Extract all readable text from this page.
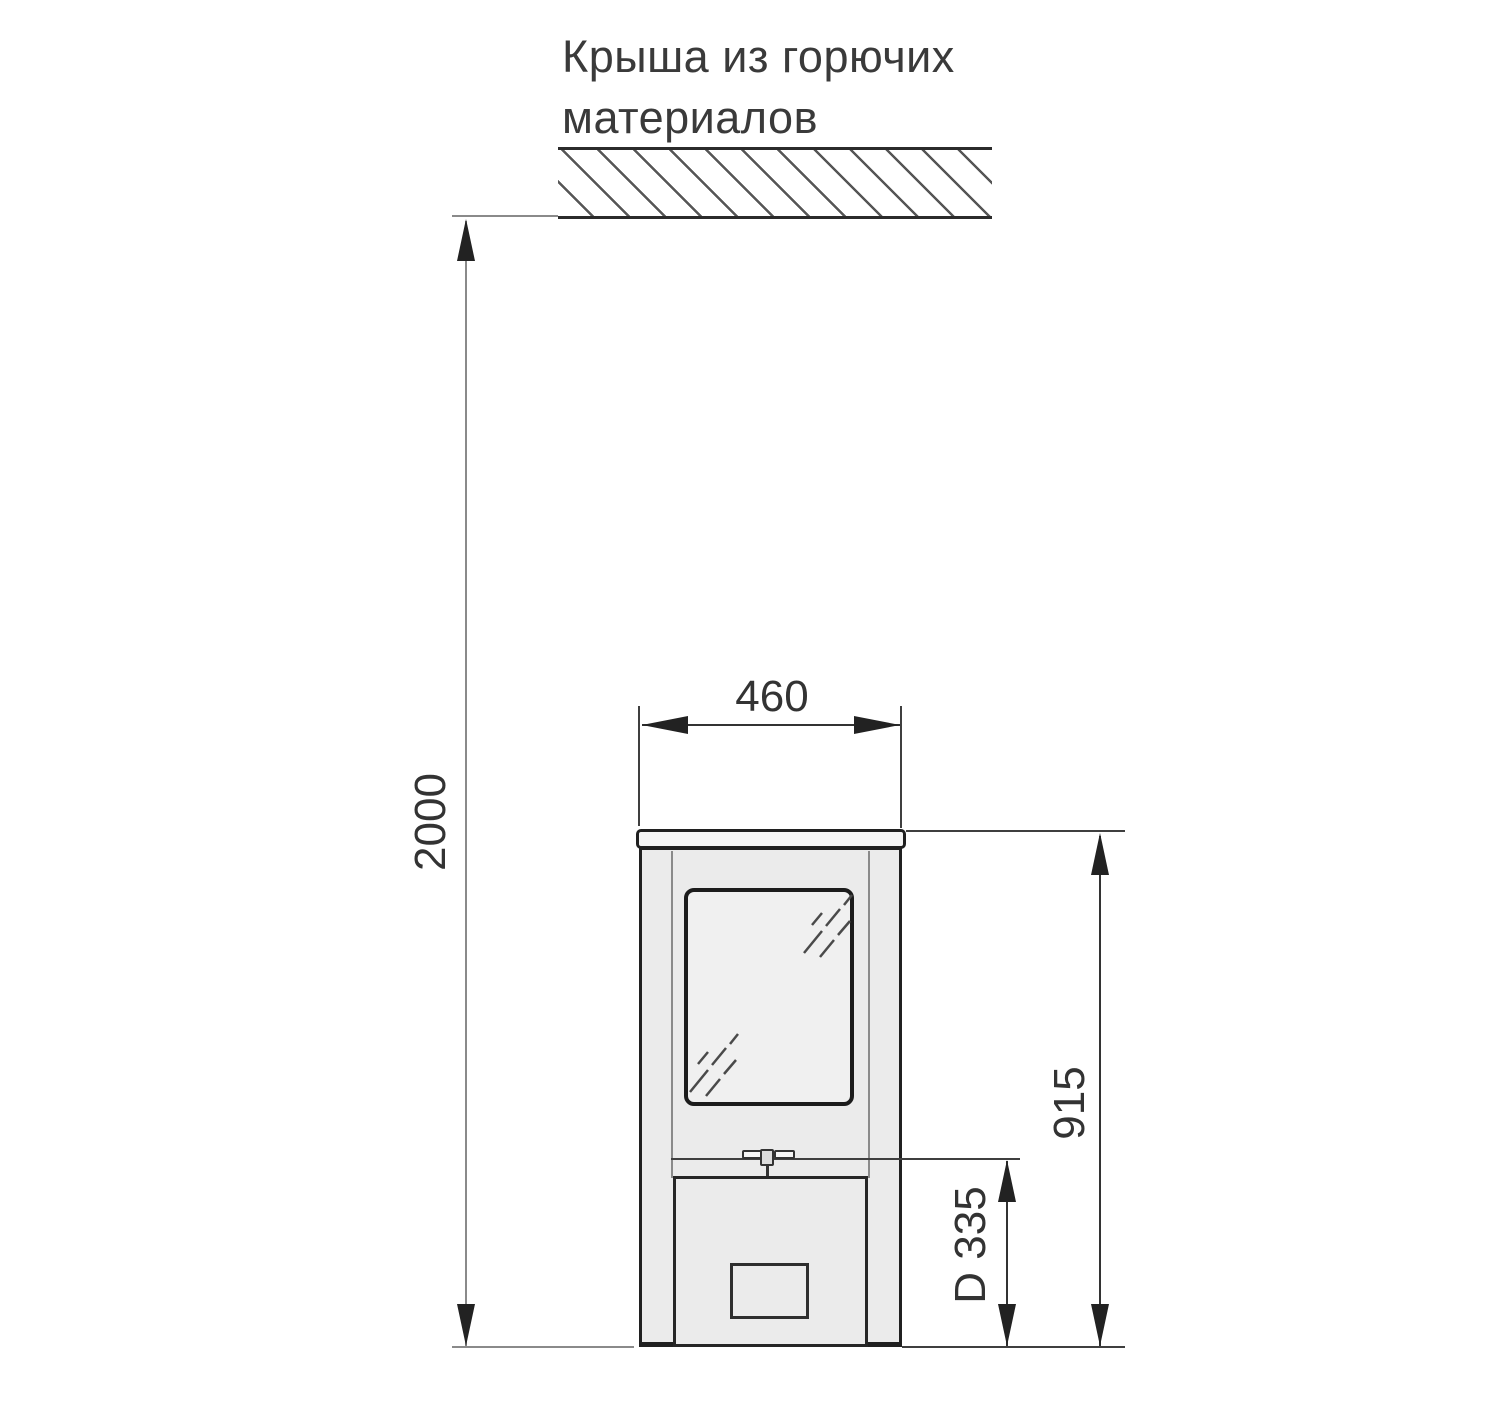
Крыша из горючих
материалов
2000
460
915
D 335
